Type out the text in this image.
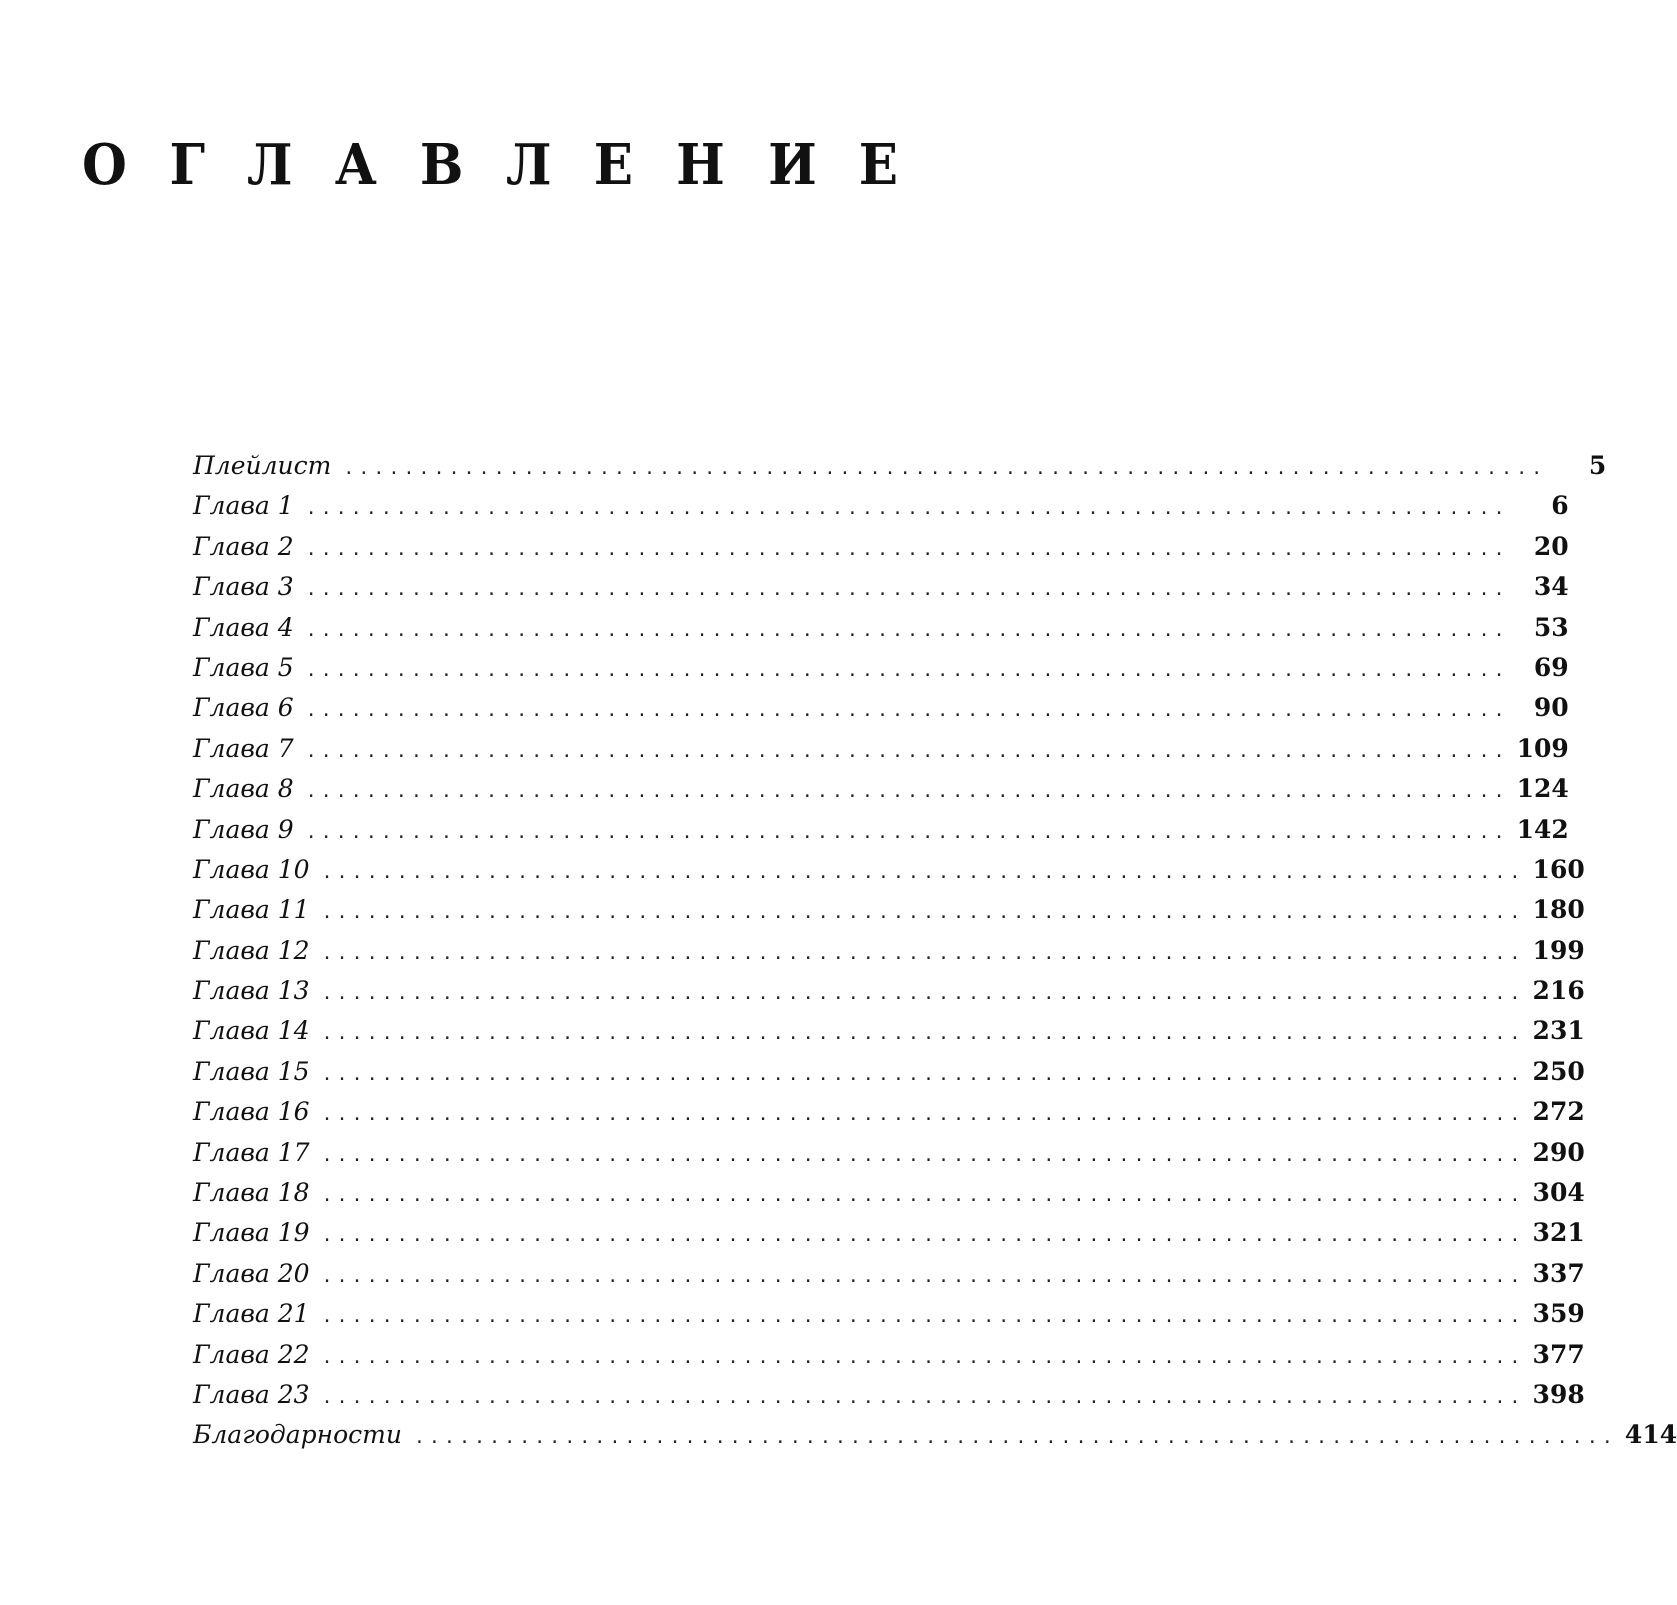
О Г Л А В Л Е Н И Е
Плейлист ................................................................................	5
Глава 1 ................................................................................	6
Глава 2 ................................................................................	20
Глава 3 ................................................................................	34
Глава 4 ................................................................................	53
Глава 5 ................................................................................	69
Глава 6 ................................................................................	90
Глава 7 ................................................................................ 109
Глава 8 ................................................................................ 124
Глава 9 ................................................................................ 142
Глава 10 ................................................................................ 160
Глава 11 ................................................................................ 180
Глава 12 ................................................................................ 199
Глава 13 ................................................................................ 216
Глава 14 ................................................................................ 231
Глава 15 ................................................................................ 250
Глава 16 ................................................................................ 272
Глава 17 ................................................................................ 290
Глава 18 ................................................................................ 304
Глава 19 ................................................................................ 321
Глава 20 ................................................................................ 337
Глава 21 ................................................................................ 359
Глава 22 ................................................................................ 377
Глава 23 ................................................................................ 398
Благодарности ................................................................................ 414
